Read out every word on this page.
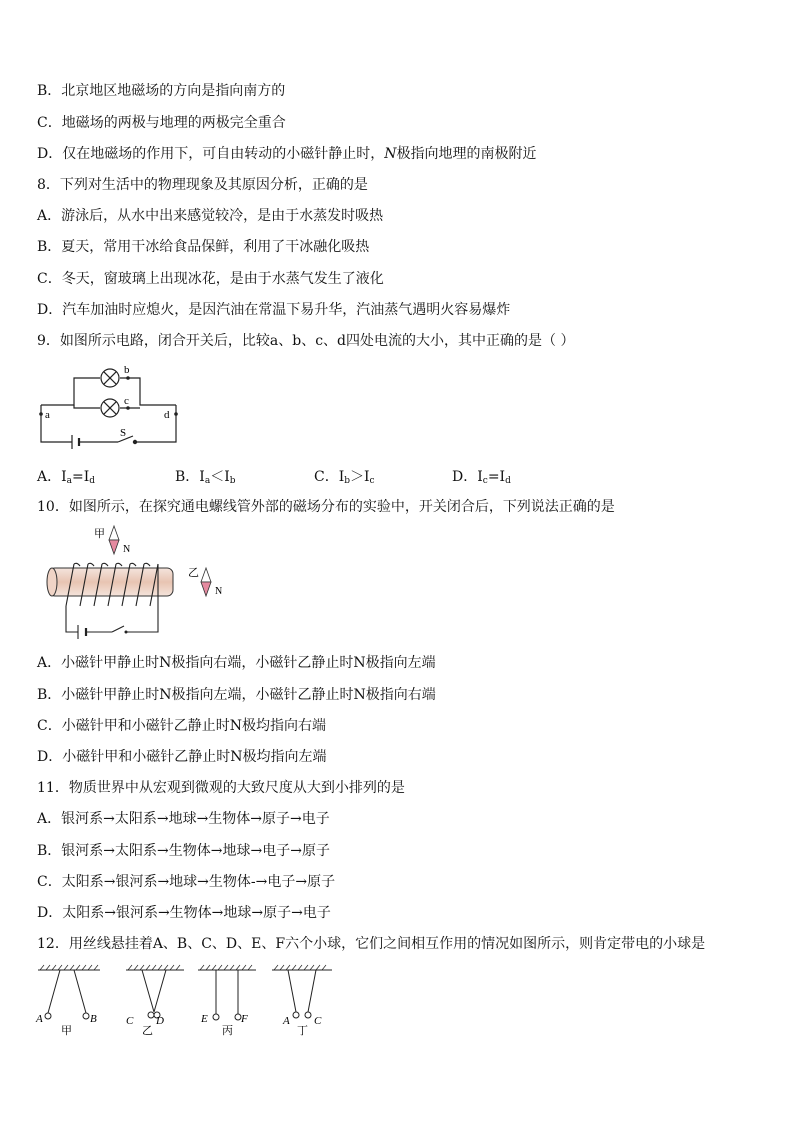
B．北京地区地磁场的方向是指向南方的
C．地磁场的两极与地理的两极完全重合
D．仅在地磁场的作用下，可自由转动的小磁针静止时，N极指向地理的南极附近
8．下列对生活中的物理现象及其原因分析，正确的是
A．游泳后，从水中出来感觉较冷，是由于水蒸发时吸热
B．夏天，常用干冰给食品保鲜，利用了干冰融化吸热
C．冬天，窗玻璃上出现冰花，是由于水蒸气发生了液化
D．汽车加油时应熄火，是因汽油在常温下易升华，汽油蒸气遇明火容易爆炸
9．如图所示电路，闭合开关后，比较a、b、c、d四处电流的大小，其中正确的是（ ）
a
b
c
d
S
A．$I_a=I_d$	B．$I_a<I_b$	C．$I_b>I_c$	D．$I_c=I_d$
10．如图所示，在探究通电螺线管外部的磁场分布的实验中，开关闭合后，下列说法正确的是
甲
N
乙
N
A．小磁针甲静止时N极指向右端，小磁针乙静止时N极指向左端
B．小磁针甲静止时N极指向左端，小磁针乙静止时N极指向右端
C．小磁针甲和小磁针乙静止时N极均指向右端
D．小磁针甲和小磁针乙静止时N极均指向左端
11．物质世界中从宏观到微观的大致尺度从大到小排列的是
A．银河系→太阳系→地球→生物体→原子→电子
B．银河系→太阳系→生物体→地球→电子→原子
C．太阳系→银河系→地球→生物体-→电子→原子
D．太阳系→银河系→生物体→地球→原子→电子
12．用丝线悬挂着A、B、C、D、E、F六个小球，它们之间相互作用的情况如图所示，则肯定带电的小球是
A	B	C D	E	F	A C
甲	乙	丙	丁
